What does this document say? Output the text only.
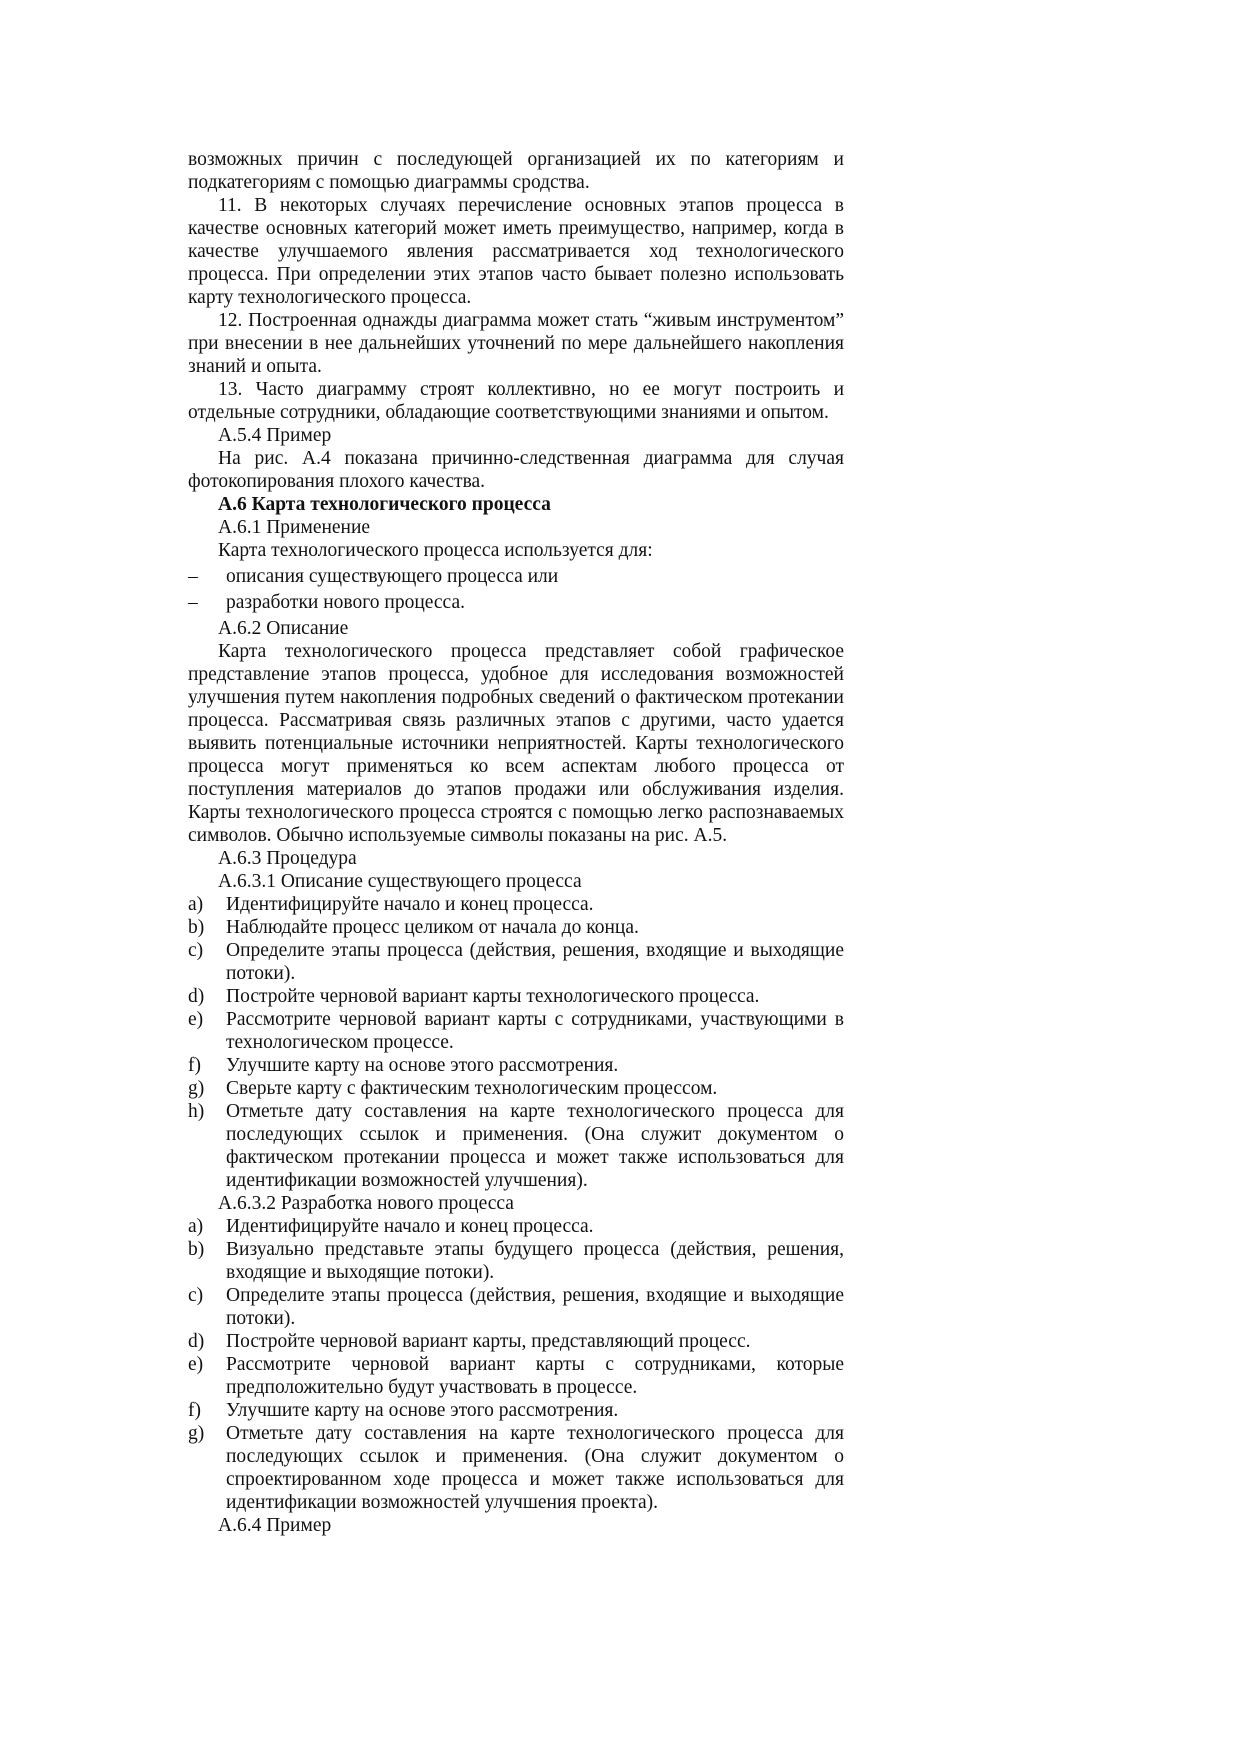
возможных причин с последующей организацией их по категориям и подкатегориям с помощью диаграммы сродства.

11. В некоторых случаях перечисление основных этапов процесса в качестве основных категорий может иметь преимущество, например, когда в качестве улучшаемого явления рассматривается ход технологического процесса. При определении этих этапов часто бывает полезно использовать карту технологического процесса.

12. Построенная однажды диаграмма может стать “живым инструментом” при внесении в нее дальнейших уточнений по мере дальнейшего накопления знаний и опыта.

13. Часто диаграмму строят коллективно, но ее могут построить и отдельные сотрудники, обладающие соответствующими знаниями и опытом.

А.5.4 Пример

На рис. А.4 показана причинно-следственная диаграмма для случая фотокопирования плохого качества.

А.6 Карта технологического процесса

А.6.1 Применение

Карта технологического процесса используется для:

– описания существующего процесса или
– разработки нового процесса.

А.6.2 Описание

Карта технологического процесса представляет собой графическое представление этапов процесса, удобное для исследования возможностей улучшения путем накопления подробных сведений о фактическом протекании процесса. Рассматривая связь различных этапов с другими, часто удается выявить потенциальные источники неприятностей. Карты технологического процесса могут применяться ко всем аспектам любого процесса от поступления материалов до этапов продажи или обслуживания изделия. Карты технологического процесса строятся с помощью легко распознаваемых символов. Обычно используемые символы показаны на рис. А.5.

А.6.3 Процедура

А.6.3.1 Описание существующего процесса

a) Идентифицируйте начало и конец процесса.
b) Наблюдайте процесс целиком от начала до конца.
c) Определите этапы процесса (действия, решения, входящие и выходящие потоки).
d) Постройте черновой вариант карты технологического процесса.
e) Рассмотрите черновой вариант карты с сотрудниками, участвующими в технологическом процессе.
f) Улучшите карту на основе этого рассмотрения.
g) Сверьте карту с фактическим технологическим процессом.
h) Отметьте дату составления на карте технологического процесса для последующих ссылок и применения. (Она служит документом о фактическом протекании процесса и может также использоваться для идентификации возможностей улучшения).

А.6.3.2 Разработка нового процесса

a) Идентифицируйте начало и конец процесса.
b) Визуально представьте этапы будущего процесса (действия, решения, входящие и выходящие потоки).
c) Определите этапы процесса (действия, решения, входящие и выходящие потоки).
d) Постройте черновой вариант карты, представляющий процесс.
e) Рассмотрите черновой вариант карты с сотрудниками, которые предположительно будут участвовать в процессе.
f) Улучшите карту на основе этого рассмотрения.
g) Отметьте дату составления на карте технологического процесса для последующих ссылок и применения. (Она служит документом о спроектированном ходе процесса и может также использоваться для идентификации возможностей улучшения проекта).

А.6.4 Пример
